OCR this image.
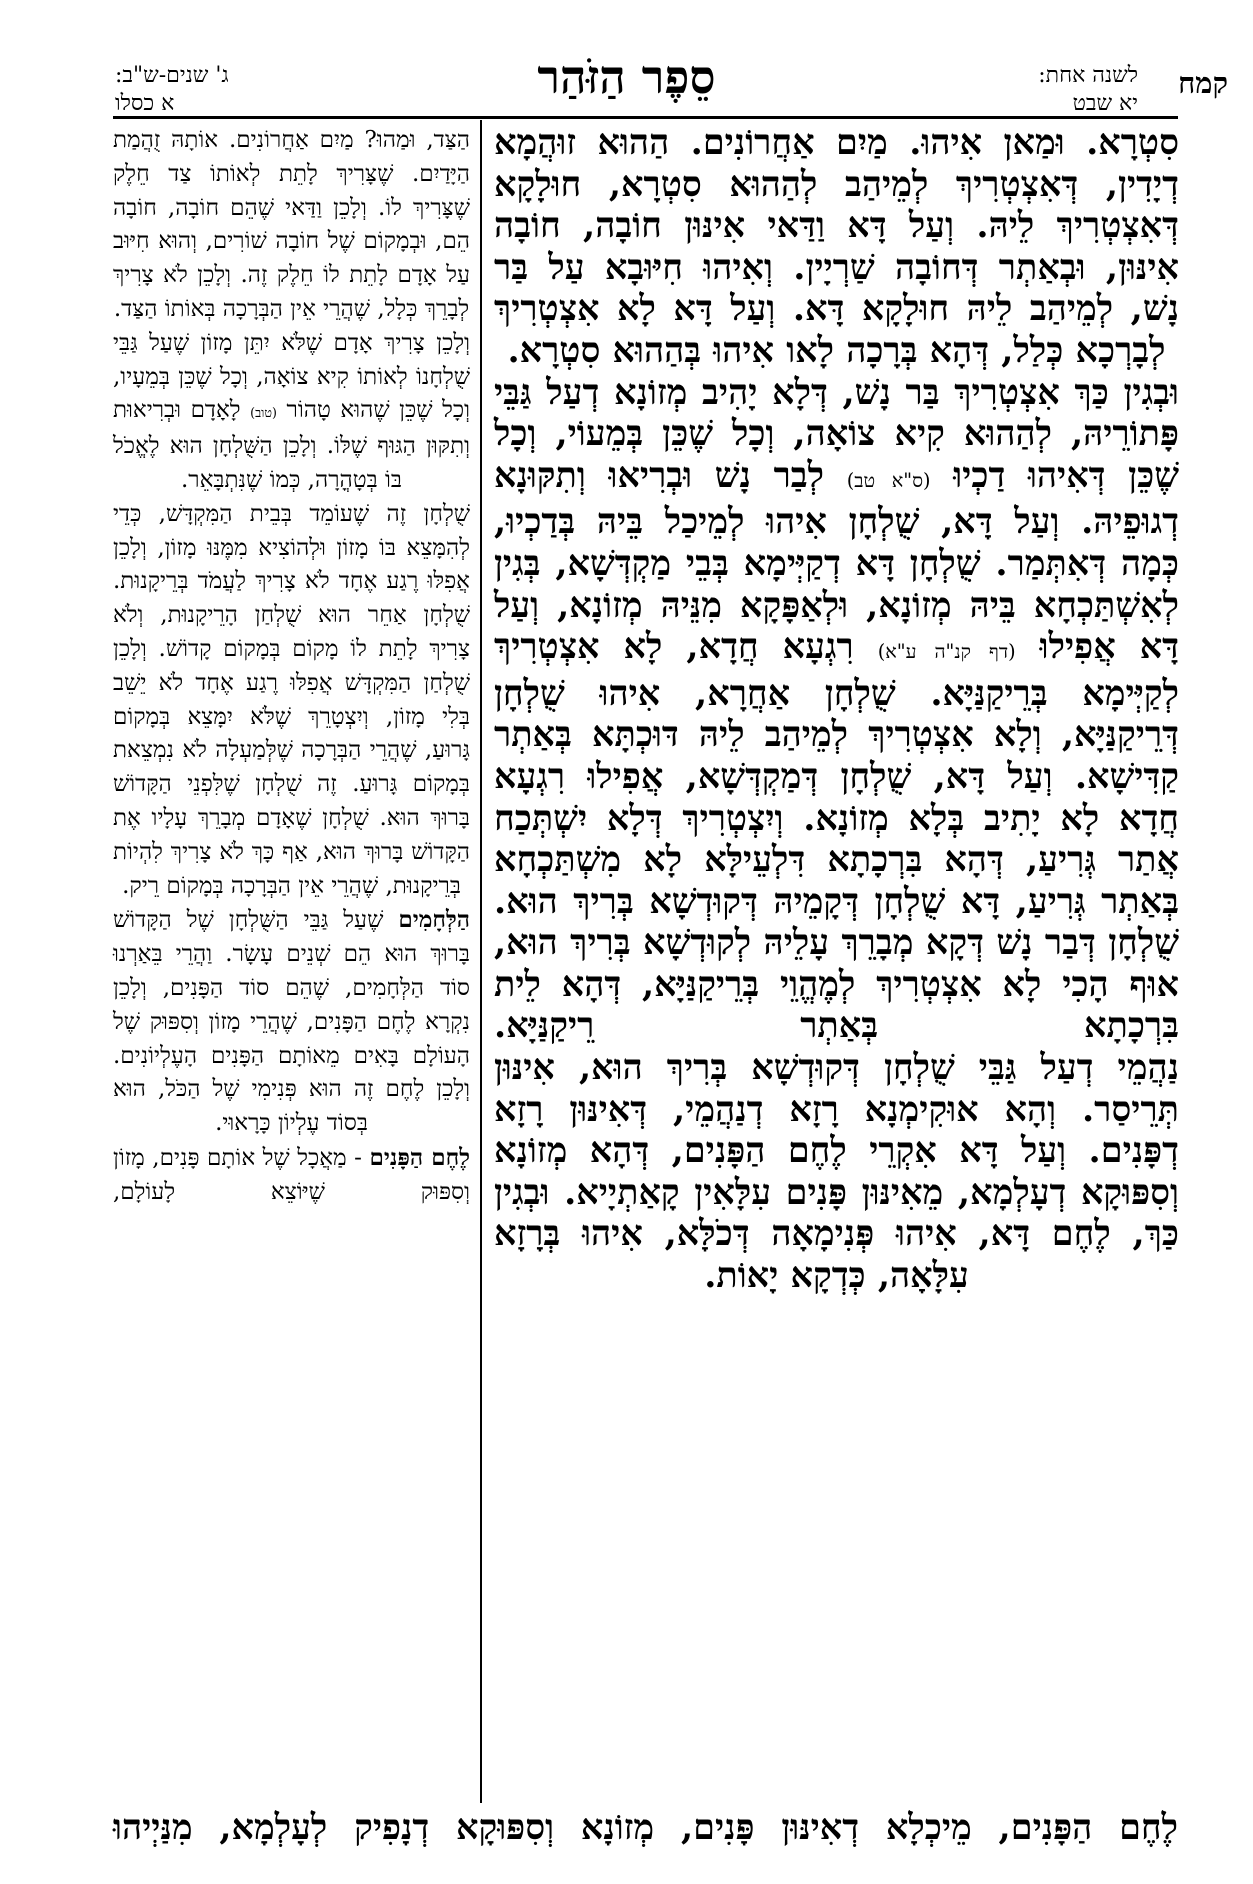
קמח
לשנה אחת:
יא שבט
סֵפֶר הַזֹּהַר
ג' שנים-ש"ב:
א כסלו

סִטְרָא. וּמַאן אִיהוּ. מַיִם אַחֲרוֹנִים. הַהוּא זוּהֲמָא דְיָדִין, דְּאִצְטְרִיךְ לְמֵיהַב לְהַהוּא סִטְרָא, חוּלָקָא דְּאִצְטְרִיךְ לֵיהּ. וְעַל דָּא וַדַּאי אִינּוּן חוֹבָה, חוֹבָה אִינּוּן, וּבְאַתְר דְּחוֹבָה שַׁרְיָין. וְאִיהוּ חִיּוּבָא עַל בַּר נָשׁ, לְמֵיהַב לֵיהּ חוּלָקָא דָּא. וְעַל דָּא לָא אִצְטְרִיךְ לְבָרְכָא כְּלַל, דְּהָא בְּרָכָה לָאו אִיהוּ בְּהַהוּא סִטְרָא.

וּבְגִין כַּךְ אִצְטְרִיךְ בַּר נָשׁ, דְּלָא יָהִיב מְזוֹנָא דְעַל גַּבֵּי פָּתוֹרֵיהּ, לְהַהוּא קִיא צוֹאָה, וְכָל שֶׁכֵּן בְּמֵעוֹי, וְכָל שֶׁכֵּן דְּאִיהוּ דַכְיוּ (ס"א טב) לְבַר נָשׁ וּבְרִיאוּ וְתִקּוּנָא דְגוּפֵיהּ. וְעַל דָּא, שֻׁלְחָן אִיהוּ לְמֵיכַל בֵּיהּ בְּדַכְיוּ, כְּמָה דְּאִתְּמַר. שֻׁלְחָן דָּא דְקַיְּימָא בְּבֵי מַקְדְּשָׁא, בְּגִין לְאִשְׁתַּכְחָא בֵּיהּ מְזוֹנָא, וּלְאַפָּקָא מִנֵּיהּ מְזוֹנָא, וְעַל דָּא אֲפִילוּ (דף קנ"ה ע"א) רִגְעָא חֲדָא, לָא אִצְטְרִיךְ לְקַיְּימָא בְּרֵיקַנַּיָּא. שֻׁלְחָן אַחֲרָא, אִיהוּ שֻׁלְחָן דְּרֵיקַנַּיָּא, וְלָא אִצְטְרִיךְ לְמֵיהַב לֵיהּ דּוּכְתָּא בְּאַתְר קַדִּישָׁא. וְעַל דָּא, שֻׁלְחָן דְּמַקְדְּשָׁא, אֲפִילוּ רִגְעָא חֲדָא לָא יָתִיב בְּלָא מְזוֹנָא. וְיִצְטְרִיךְ דְּלָא יִשְׁתְּכַח אֲתַר גְּרִיעַ, דְּהָא בִּרְכָתָא דִּלְעֵילָּא לָא מִשְׁתַּכְחָא בְּאַתְר גְּרִיעַ, דָּא שֻׁלְחָן דְּקָמֵיהּ דְּקוּדְשָׁא בְּרִיךְ הוּא. שֻׁלְחָן דְּבַר נָשׁ דְּקָא מְבָרֵךְ עָלֵיהּ לְקוּדְשָׁא בְּרִיךְ הוּא, אוּף הָכִי לָא אִצְטְרִיךְ לְמֶהֱוֵי בְּרֵיקַנַּיָּא, דְּהָא לֵית בִּרְכָתָא בְּאַתְר רֵיקַנַּיָּא.

נַהֲמֵי דְעַל גַּבֵּי שֻׁלְחָן דְּקוּדְשָׁא בְּרִיךְ הוּא, אִינּוּן תְּרֵיסַר. וְהָא אוּקִימְנָא רָזָא דְנַהֲמֵי, דְּאִינּוּן רָזָא דְפָּנִים. וְעַל דָּא אִקְרֵי לֶחֶם הַפָּנִים, דְּהָא מְזוֹנָא וְסִפּוּקָא דְעָלְמָא, מֵאִינּוּן פָּנִים עִלָּאִין קָאַתְיָיא. וּבְגִין כַּךְ, לֶחֶם דָּא, אִיהוּ פְּנִימָאָה דְּכֹלָּא, אִיהוּ בְּרָזָא עִלָּאָה, כְּדְקָא יָאוֹת.

הַצַּד, וּמַהוּ? מַיִם אַחֲרוֹנִים. אוֹתָהּ זֻהֲמַת הַיָּדַיִם. שֶׁצָּרִיךְ לָתֵת לְאוֹתוֹ צַד חֵלֶק שֶׁצָּרִיךְ לוֹ. וְלָכֵן וַדַּאי שֶׁהֵם חוֹבָה, חוֹבָה הֵם, וּבְמָקוֹם שֶׁל חוֹבָה שׁוֹרִים, וְהוּא חִיּוּב עַל אָדָם לָתֵת לוֹ חֵלֶק זֶה. וְלָכֵן לֹא צָרִיךְ לְבָרֵךְ כְּלָל, שֶׁהֲרֵי אֵין הַבְּרָכָה בְּאוֹתוֹ הַצַּד.

וְלָכֵן צָרִיךְ אָדָם שֶׁלֹּא יִתֵּן מָזוֹן שֶׁעַל גַּבֵּי שֻׁלְחָנוֹ לְאוֹתוֹ קִיא צוֹאָה, וְכָל שֶׁכֵּן בְּמֵעָיו, וְכָל שֶׁכֵּן שֶׁהוּא טָהוֹר (טוב) לָאָדָם וּבְרִיאוּת וְתִקּוּן הַגּוּף שֶׁלּוֹ. וְלָכֵן הַשֻּׁלְחָן הוּא לֶאֱכֹל בּוֹ בְּטָהֳרָה, כְּמוֹ שֶׁנִּתְבָּאֵר.

שֻׁלְחָן זֶה שֶׁעוֹמֵד בְּבֵית הַמִּקְדָּשׁ, כְּדֵי לְהִמָּצֵא בּוֹ מָזוֹן וּלְהוֹצִיא מִמֶּנּוּ מָזוֹן, וְלָכֵן אֲפִלּוּ רֶגַע אֶחָד לֹא צָרִיךְ לַעֲמֹד בְּרֵיקָנוּת. שֻׁלְחָן אַחֵר הוּא שֻׁלְחַן הָרֵיקָנוּת, וְלֹא צָרִיךְ לָתֵת לוֹ מָקוֹם בְּמָקוֹם קָדוֹשׁ. וְלָכֵן שֻׁלְחַן הַמִּקְדָּשׁ אֲפִלּוּ רֶגַע אֶחָד לֹא יֵשֵׁב בְּלִי מָזוֹן, וְיִצְטָרֵךְ שֶׁלֹּא יִמָּצֵא בְּמָקוֹם גָּרוּעַ, שֶׁהֲרֵי הַבְּרָכָה שֶׁלְּמַעְלָה לֹא נִמְצֵאת בְּמָקוֹם גָּרוּעַ. זֶה שֻׁלְחָן שֶׁלִּפְנֵי הַקָּדוֹשׁ בָּרוּךְ הוּא. שֻׁלְחָן שֶׁאָדָם מְבָרֵךְ עָלָיו אֶת הַקָּדוֹשׁ בָּרוּךְ הוּא, אַף כָּךְ לֹא צָרִיךְ לִהְיוֹת בְּרֵיקָנוּת, שֶׁהֲרֵי אֵין הַבְּרָכָה בְּמָקוֹם רֵיק.

הַלְּחָמִים שֶׁעַל גַּבֵּי הַשֻּׁלְחָן שֶׁל הַקָּדוֹשׁ בָּרוּךְ הוּא הֵם שְׁנֵים עָשָׂר. וַהֲרֵי בֵּאַרְנוּ סוֹד הַלְּחָמִים, שֶׁהֵם סוֹד הַפָּנִים, וְלָכֵן נִקְרָא לֶחֶם הַפָּנִים, שֶׁהֲרֵי מָזוֹן וְסִפּוּק שֶׁל הָעוֹלָם בָּאִים מֵאוֹתָם הַפָּנִים הָעֶלְיוֹנִים. וְלָכֵן לֶחֶם זֶה הוּא פְּנִימִי שֶׁל הַכֹּל, הוּא בְּסוֹד עֶלְיוֹן כָּרָאוּי.

לֶחֶם הַפָּנִים - מַאֲכָל שֶׁל אוֹתָם פָּנִים, מָזוֹן וְסִפּוּק שֶׁיּוֹצֵא לָעוֹלָם,

לֶחֶם הַפָּנִים, מֵיכְלָא דְאִינּוּן פָּנִים, מְזוֹנָא וְסִפּוּקָא דְנָפִיק לְעָלְמָא, מִנַּיְיהוּ
